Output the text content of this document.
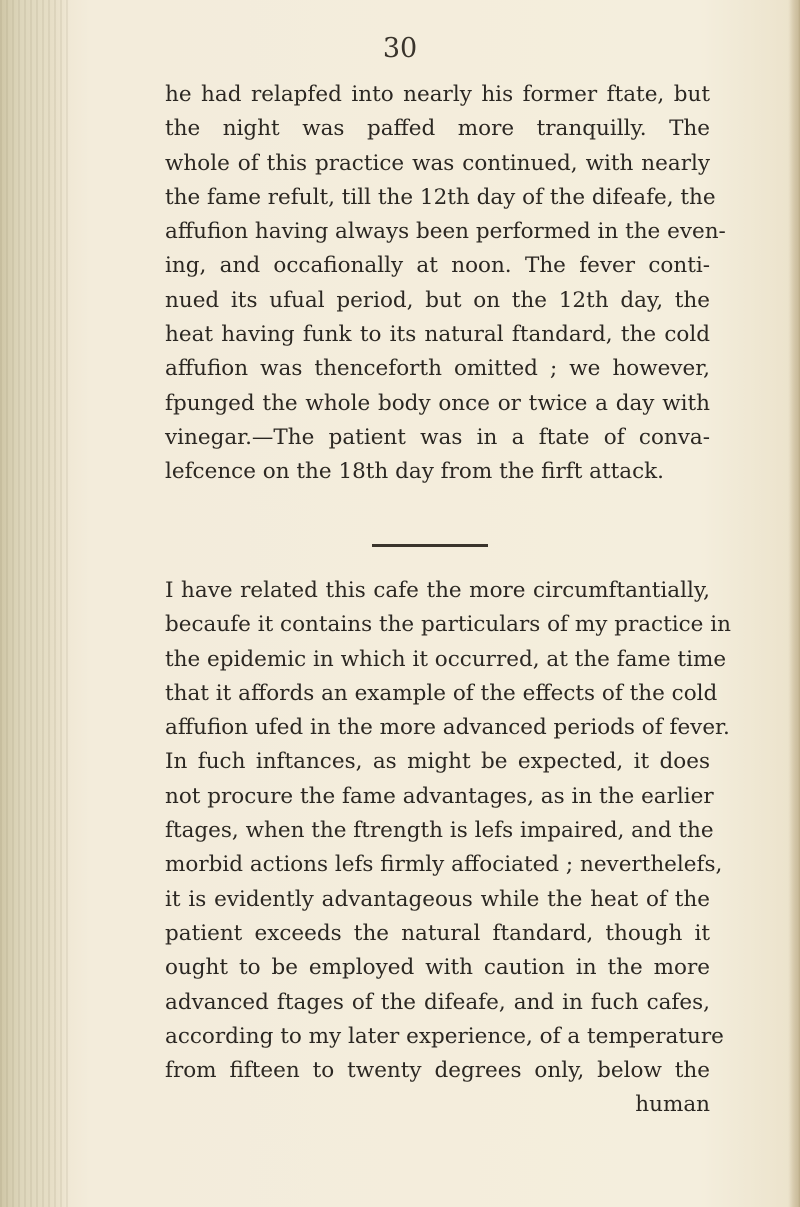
30

he had relapfed into nearly his former ftate, but
the night was paffed more tranquilly. The
whole of this practice was continued, with nearly
the fame refult, till the 12th day of the difeafe, the
affufion having always been performed in the even-
ing, and occafionally at noon. The fever conti-
nued its ufual period, but on the 12th day, the
heat having funk to its natural ftandard, the cold
affufion was thenceforth omitted ; we however,
fpunged the whole body once or twice a day with
vinegar.—The patient was in a ftate of conva-
lefcence on the 18th day from the firft attack.

I have related this cafe the more circumftantially,
becaufe it contains the particulars of my practice in
the epidemic in which it occurred, at the fame time
that it affords an example of the effects of the cold
affufion ufed in the more advanced periods of fever.
In fuch inftances, as might be expected, it does
not procure the fame advantages, as in the earlier
ftages, when the ftrength is lefs impaired, and the
morbid actions lefs firmly affociated ; neverthelefs,
it is evidently advantageous while the heat of the
patient exceeds the natural ftandard, though it
ought to be employed with caution in the more
advanced ftages of the difeafe, and in fuch cafes,
according to my later experience, of a temperature
from fifteen to twenty degrees only, below the
human
